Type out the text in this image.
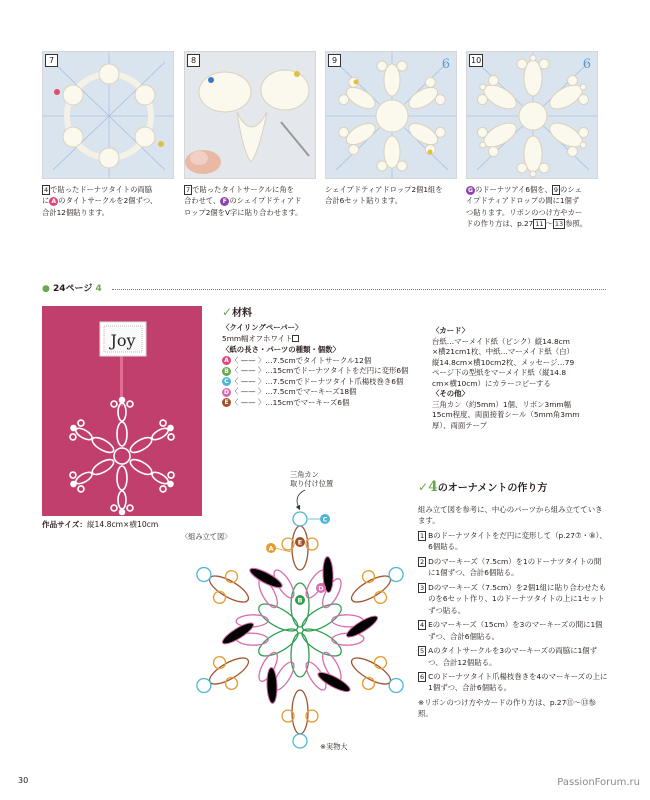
7
4 で貼ったドーナツタイトの両脇
に A のタイトサークルを2個ずつ、
合計12個貼ります。
8
7 で貼ったタイトサークルに角を
合わせて、 F のシェイプドティアド
ロップ2個をV字に貼り合わせます。
9	6
シェイプドティアドロップ2個1組を
合計6セット貼ります。
10	6
G のドーナツアイ6個を、 9 のシェ
イプドティアドロップの間に1個ず
つ貼ります。リボンのつけ方やカー
ドの作り方は、p.27 11 〜 13 参照。
● 24ページ 4
Joy
作品サイズ：縦14.8cm×横10cm
✓材料
〈クイリングペーパー〉
5mm幅オフホワイト
〈紙の長さ・パーツの種類・個数〉
A 〈 —— 〉…7.5cmでタイトサークル12個
B 〈 —— 〉…15cmでドーナツタイトをだ円に変形6個
C 〈 —— 〉…7.5cmでドーナツタイト爪楊枝巻き6個
D 〈 —— 〉…7.5cmでマーキーズ18個
E 〈 —— 〉…15cmでマーキーズ6個
〈カード〉
台紙…マーメイド紙（ピンク）縦14.8cm
×横21cm1枚、中紙…マーメイド紙（白）
縦14.8cm×横10cm2枚、メッセージ…79
ページ下の型紙をマーメイド紙（縦14.8
cm×横10cm）にカラーコピーする
〈その他〉
三角カン（約5mm）1個、リボン3mm幅
15cm程度、両面接着シール（5mm角3mm
厚）、両面テープ
三角カン
取り付け位置
〈組み立て図〉
※実物大
A
B
C
D
E
✓4のオーナメントの作り方

組み立て図を参考に、中心のパーツから組み立てていきます。

1 Bのドーナツタイトをだ円に変形して（p.27⑦・⑧）、6個貼る。

2 Dのマーキーズ（7.5cm）を1のドーナツタイトの間に1個ずつ、合計6個貼る。

3 Dのマーキーズ（7.5cm）を2個1組に貼り合わせたものを6セット作り、1のドーナツタイトの上に1セットずつ貼る。

4 Eのマーキーズ（15cm）を3のマーキーズの間に1個ずつ、合計6個貼る。

5 Aのタイトサークルを3のマーキーズの両脇に1個ずつ、合計12個貼る。

6 Cのドーナツタイト爪楊枝巻きを4のマーキーズの上に1個ずつ、合計6個貼る。

※リボンのつけ方やカードの作り方は、p.27⑪〜⑬参照。

30	PassionForum.ru
